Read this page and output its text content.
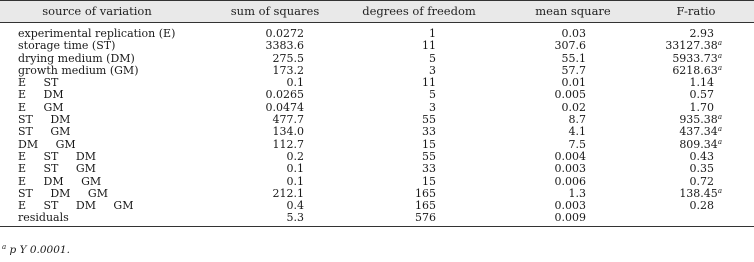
source of variation	sum of squares	degrees of freedom	mean square	F-ratio
experimental replication (E)	0.0272	1	0.03	2.93
storage time (ST)	3383.6	11	307.6	33127.38$^a$
drying medium (DM)	275.5	5	55.1	5933.73$^a$
growth medium (GM)	173.2	3	57.7	6218.63$^a$
E     ST	0.1	11	0.01	1.14
E     DM	0.0265	5	0.005	0.57
E     GM	0.0474	3	0.02	1.70
ST     DM	477.7	55	8.7	935.38$^a$
ST     GM	134.0	33	4.1	437.34$^a$
DM     GM	112.7	15	7.5	809.34$^a$
E     ST     DM	0.2	55	0.004	0.43
E     ST     GM	0.1	33	0.003	0.35
E     DM     GM	0.1	15	0.006	0.72
ST     DM     GM	212.1	165	1.3	138.45$^a$
E     ST     DM     GM	0.4	165	0.003	0.28
residuals	5.3	576	0.009
$^a$ p Y 0.0001.
